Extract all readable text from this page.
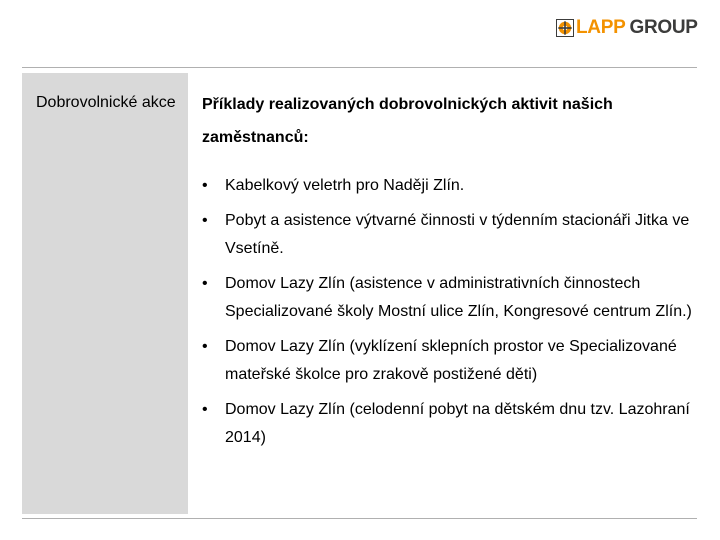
LAPP GROUP
Dobrovolnické akce	Příklady realizovaných dobrovolnických aktivit našich zaměstnanců:
• Kabelkový veletrh pro Naději Zlín.
• Pobyt a asistence výtvarné činnosti v týdenním stacionáři Jitka ve Vsetíně.
• Domov Lazy Zlín (asistence v administrativních činnostech Specializované školy Mostní ulice Zlín, Kongresové centrum Zlín.)
• Domov Lazy Zlín (vyklízení sklepních prostor ve Specializované mateřské školce pro zrakově postižené děti)
• Domov Lazy Zlín (celodenní pobyt na dětském dnu tzv. Lazohraní 2014)
